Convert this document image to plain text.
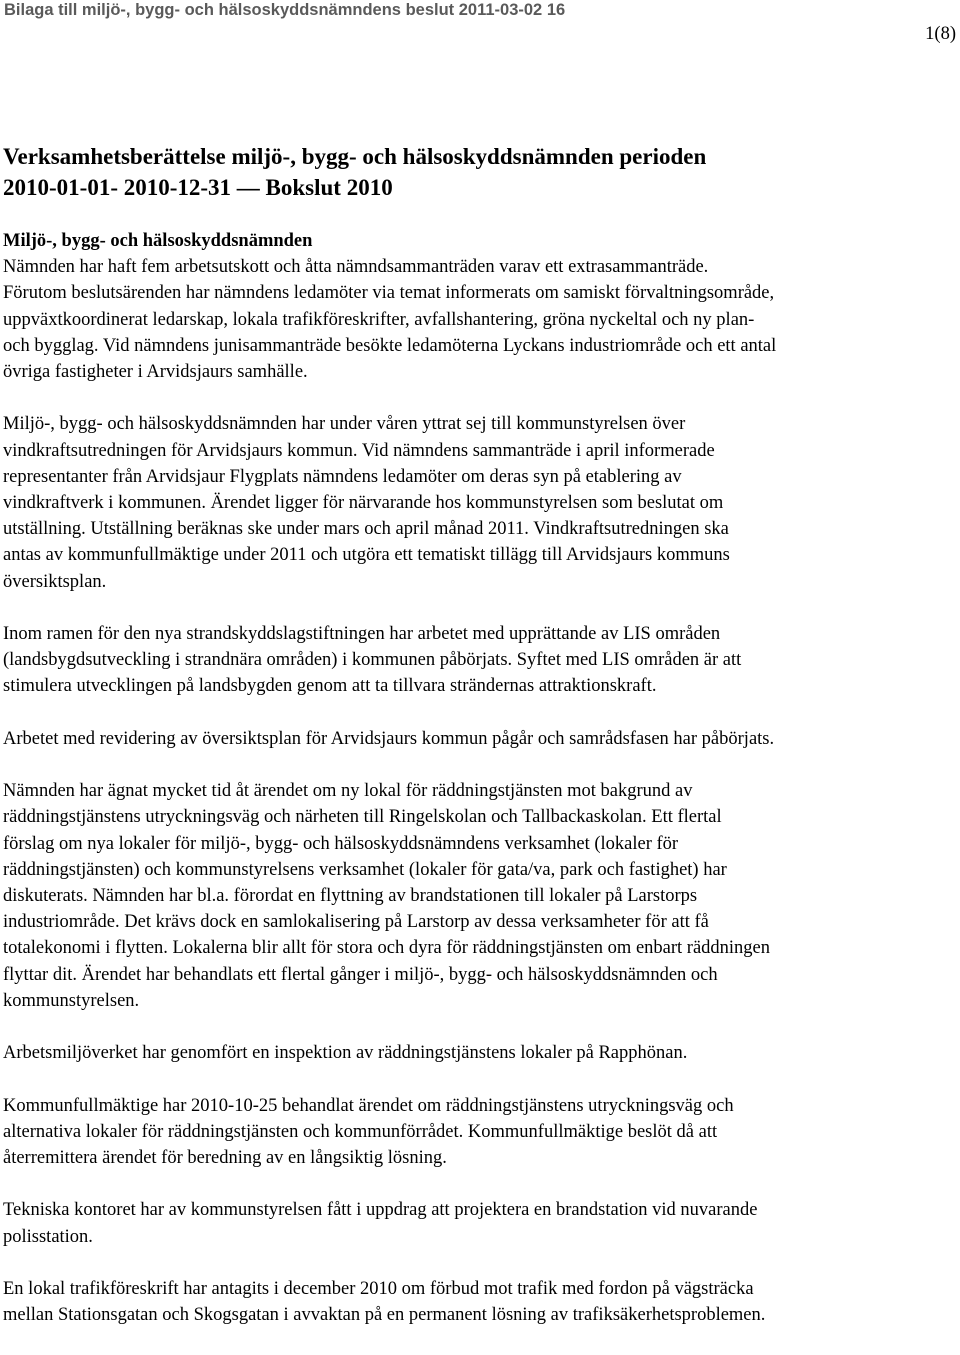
Bilaga till miljö-, bygg- och hälsoskyddsnämndens beslut 2011-03-02 16
1(8)
Verksamhetsberättelse miljö-, bygg- och hälsoskyddsnämnden perioden
2010-01-01- 2010-12-31 — Bokslut 2010
Miljö-, bygg- och hälsoskyddsnämnden

Nämnden har haft fem arbetsutskott och åtta nämndsammanträden varav ett extrasammanträde.
Förutom beslutsärenden har nämndens ledamöter via temat informerats om samiskt förvaltningsområde,
uppväxtkoordinerat ledarskap, lokala trafikföreskrifter, avfallshantering, gröna nyckeltal och ny plan-
och bygglag. Vid nämndens junisammanträde besökte ledamöterna Lyckans industriområde och ett antal
övriga fastigheter i Arvidsjaurs samhälle.

Miljö-, bygg- och hälsoskyddsnämnden har under våren yttrat sej till kommunstyrelsen över
vindkraftsutredningen för Arvidsjaurs kommun. Vid nämndens sammanträde i april informerade
representanter från Arvidsjaur Flygplats nämndens ledamöter om deras syn på etablering av
vindkraftverk i kommunen. Ärendet ligger för närvarande hos kommunstyrelsen som beslutat om
utställning. Utställning beräknas ske under mars och april månad 2011. Vindkraftsutredningen ska
antas av kommunfullmäktige under 2011 och utgöra ett tematiskt tillägg till Arvidsjaurs kommuns
översiktsplan.

Inom ramen för den nya strandskyddslagstiftningen har arbetet med upprättande av LIS områden
(landsbygdsutveckling i strandnära områden) i kommunen påbörjats. Syftet med LIS områden är att
stimulera utvecklingen på landsbygden genom att ta tillvara strändernas attraktionskraft.

Arbetet med revidering av översiktsplan för Arvidsjaurs kommun pågår och samrådsfasen har påbörjats.

Nämnden har ägnat mycket tid åt ärendet om ny lokal för räddningstjänsten mot bakgrund av
räddningstjänstens utryckningsväg och närheten till Ringelskolan och Tallbackaskolan. Ett flertal
förslag om nya lokaler för miljö-, bygg- och hälsoskyddsnämndens verksamhet (lokaler för
räddningstjänsten) och kommunstyrelsens verksamhet (lokaler för gata/va, park och fastighet) har
diskuterats. Nämnden har bl.a. förordat en flyttning av brandstationen till lokaler på Larstorps
industriområde. Det krävs dock en samlokalisering på Larstorp av dessa verksamheter för att få
totalekonomi i flytten. Lokalerna blir allt för stora och dyra för räddningstjänsten om enbart räddningen
flyttar dit. Ärendet har behandlats ett flertal gånger i miljö-, bygg- och hälsoskyddsnämnden och
kommunstyrelsen.

Arbetsmiljöverket har genomfört en inspektion av räddningstjänstens lokaler på Rapphönan.

Kommunfullmäktige har 2010-10-25 behandlat ärendet om räddningstjänstens utryckningsväg och
alternativa lokaler för räddningstjänsten och kommunförrådet. Kommunfullmäktige beslöt då att
återremittera ärendet för beredning av en långsiktig lösning.

Tekniska kontoret har av kommunstyrelsen fått i uppdrag att projektera en brandstation vid nuvarande
polisstation.

En lokal trafikföreskrift har antagits i december 2010 om förbud mot trafik med fordon på vägsträcka
mellan Stationsgatan och Skogsgatan i avvaktan på en permanent lösning av trafiksäkerhetsproblemen.
